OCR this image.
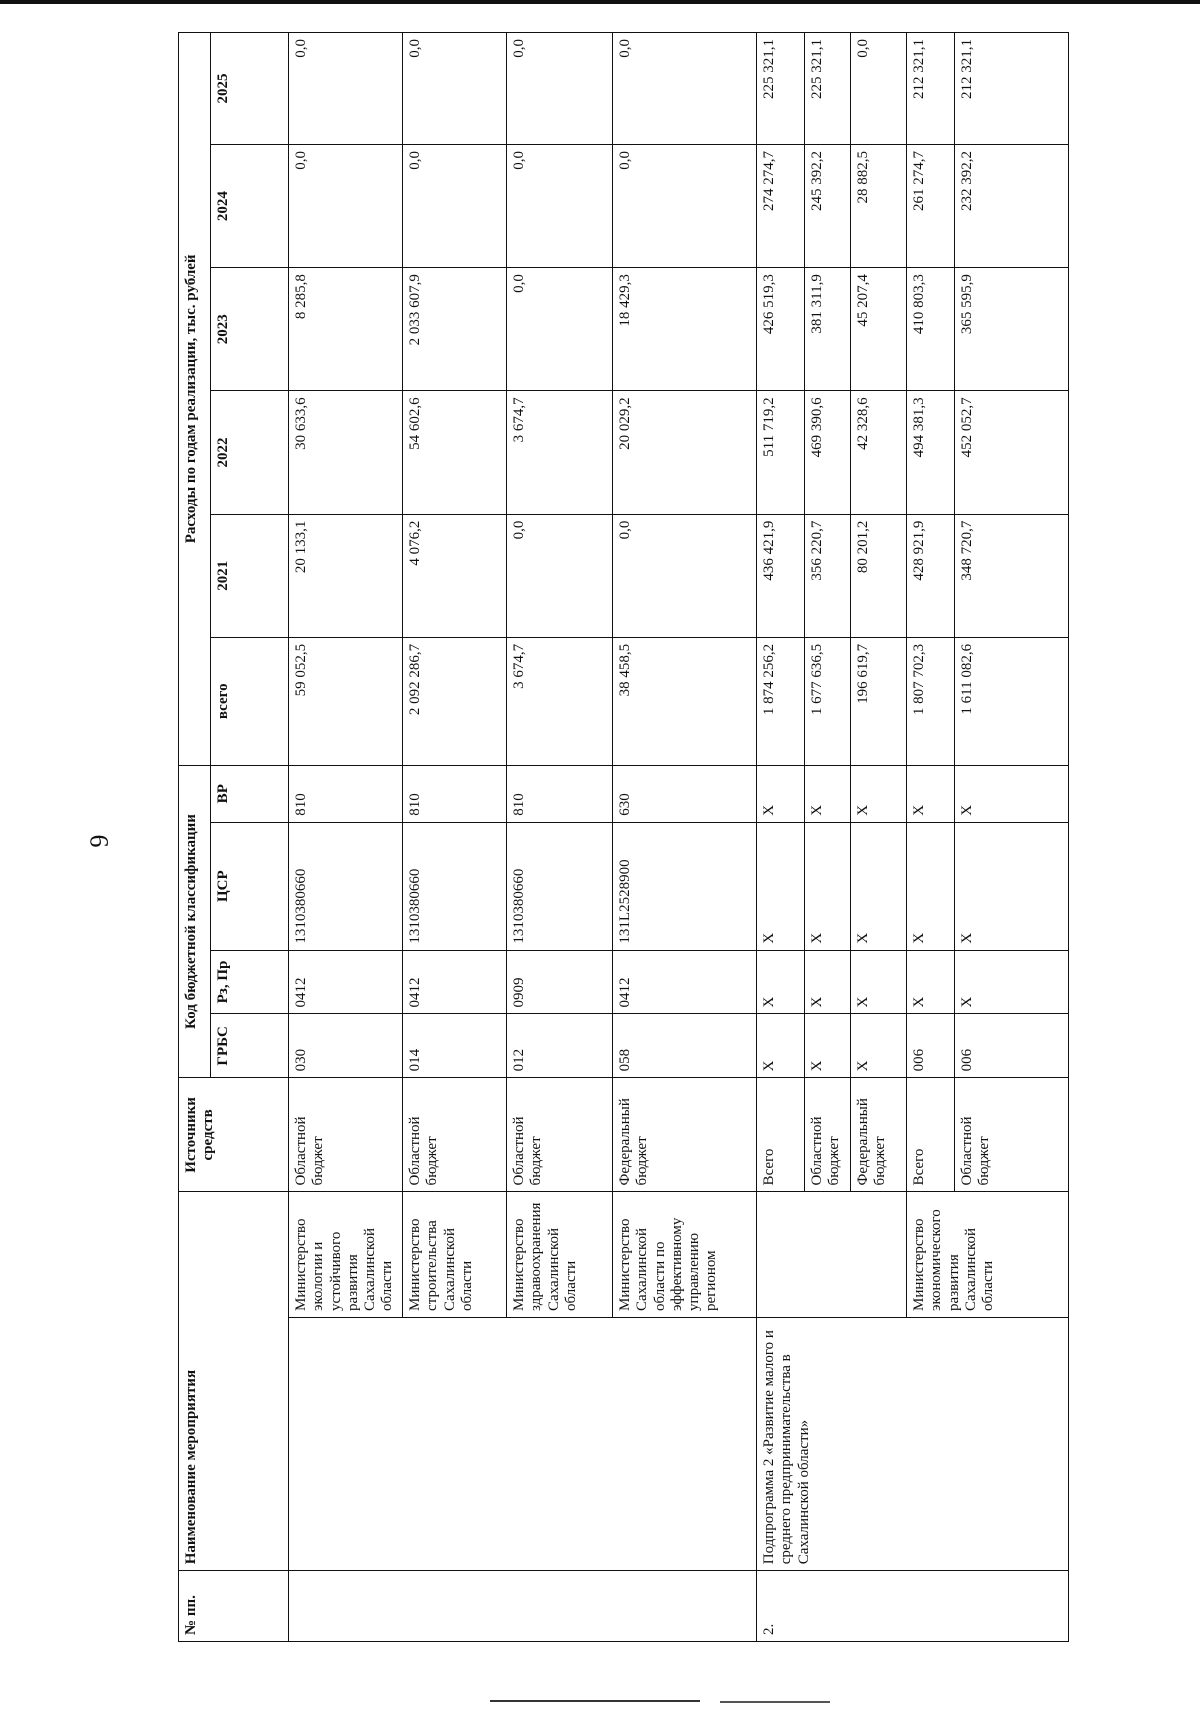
6
№ пп.	Наименование мероприятия		Источники средств	Код бюджетной классификации				Расходы по годам реализации, тыс. рублей					
				ГРБС	Рз, Пр	ЦСР	ВР	всего	2021	2022	2023	2024	2025
		Министерство экологии и устойчивого развития Сахалинской области	Областной бюджет	030	0412	1310380660	810	59 052,5	20 133,1	30 633,6	8 285,8	0,0	0,0
		Министерство строительства Сахалинской области	Областной бюджет	014	0412	1310380660	810	2 092 286,7	4 076,2	54 602,6	2 033 607,9	0,0	0,0
		Министерство здравоохранения Сахалинской области	Областной бюджет	012	0909	1310380660	810	3 674,7	0,0	3 674,7	0,0	0,0	0,0
		Министерство Сахалинской области по эффективному управлению регионом	Федеральный бюджет	058	0412	131L2528900	630	38 458,5	0,0	20 029,2	18 429,3	0,0	0,0
2.	Подпрограмма 2 «Развитие малого и среднего предпринимательства в Сахалинской области»		Всего	X	X	X	X	1 874 256,2	436 421,9	511 719,2	426 519,3	274 274,7	225 321,1
			Областной бюджет	X	X	X	X	1 677 636,5	356 220,7	469 390,6	381 311,9	245 392,2	225 321,1
			Федеральный бюджет	X	X	X	X	196 619,7	80 201,2	42 328,6	45 207,4	28 882,5	0,0
		Министерство экономического развития Сахалинской области	Всего	006	X	X	X	1 807 702,3	428 921,9	494 381,3	410 803,3	261 274,7	212 321,1
			Областной бюджет	006	X	X	X	1 611 082,6	348 720,7	452 052,7	365 595,9	232 392,2	212 321,1
